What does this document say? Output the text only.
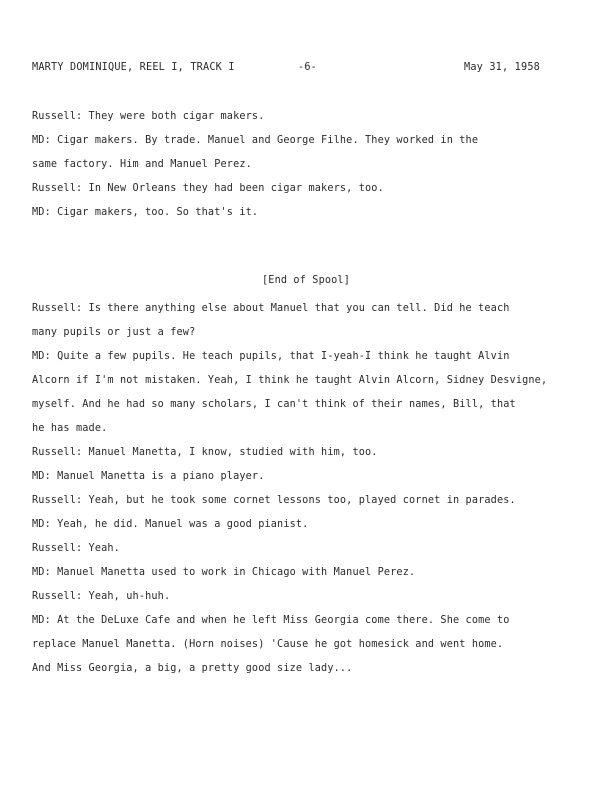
MARTY DOMINIQUE, REEL I, TRACK I	-6-	May 31, 1958
Russell: They were both cigar makers.
MD: Cigar makers. By trade. Manuel and George Filhe. They worked in the
same factory. Him and Manuel Perez.
Russell: In New Orleans they had been cigar makers, too.
MD: Cigar makers, too. So that's it.
[End of Spool]
Russell: Is there anything else about Manuel that you can tell. Did he teach
many pupils or just a few?
MD: Quite a few pupils. He teach pupils, that I-yeah-I think he taught Alvin
Alcorn if I'm not mistaken. Yeah, I think he taught Alvin Alcorn, Sidney Desvigne,
myself. And he had so many scholars, I can't think of their names, Bill, that
he has made.
Russell: Manuel Manetta, I know, studied with him, too.
MD: Manuel Manetta is a piano player.
Russell: Yeah, but he took some cornet lessons too, played cornet in parades.
MD: Yeah, he did. Manuel was a good pianist.
Russell: Yeah.
MD: Manuel Manetta used to work in Chicago with Manuel Perez.
Russell: Yeah, uh-huh.
MD: At the DeLuxe Cafe and when he left Miss Georgia come there. She come to
replace Manuel Manetta. (Horn noises) 'Cause he got homesick and went home.
And Miss Georgia, a big, a pretty good size lady...
